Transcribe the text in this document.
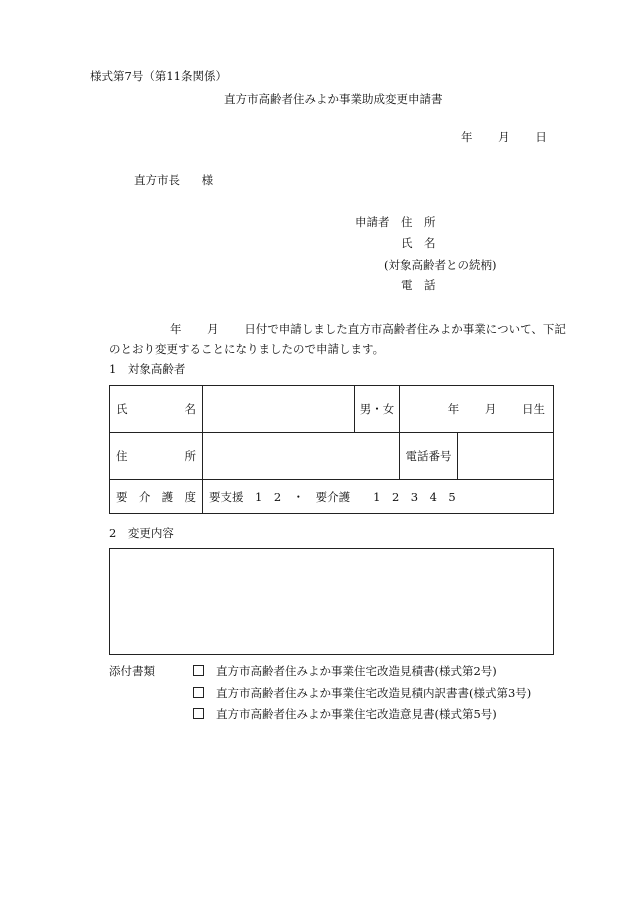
様式第7号（第11条関係）
直方市高齢者住みよか事業助成変更申請書
年 月 日
直方市長 様
申請者 住　所
氏　名
(対象高齢者との続柄)
電　話
年 月 日付で申請しました直方市高齢者住みよか事業について、下記
のとおり変更することになりましたので申請します。
1　対象高齢者
氏 名		男・女	年 月 日生	

住 所			電話番号	

要 介 護 度	要支援　1　2　・　要介護　　1　2　3　4　5			
2　変更内容
添付書類	直方市高齢者住みよか事業住宅改造見積書(様式第2号)
直方市高齢者住みよか事業住宅改造見積内訳書書(様式第3号)
直方市高齢者住みよか事業住宅改造意見書(様式第5号)
